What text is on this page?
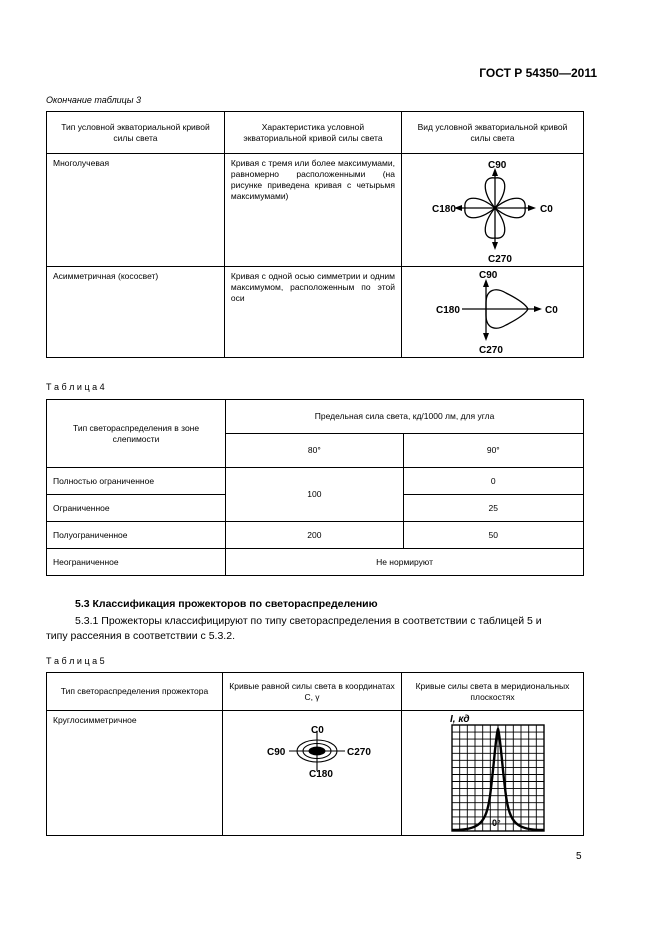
ГОСТ Р 54350—2011
Окончание таблицы 3
Тип условной экваториальной кривой силы света	Характеристика условной экваториальной кривой силы света	Вид условной экваториальной кривой силы света

Многолучевая	Кривая с тремя или более максимумами, равномерно расположенными (на рисунке приведена кривая с четырьмя максимумами)	C90
C180 C0
C270

Асимметричная (кососвет)	Кривая с одной осью симметрии и одним максимумом, расположенным по этой оси	C90
C180 C0
C270
Т а б л и ц а 4
Тип светораспределения в зоне слепимости	Предельная сила света, кд/1000 лм, для угла	

	80°	90°

Полностью ограниченное	100	0

Ограниченное		25

Полуограниченное	200	50

Неограниченное	Не нормируют	
5.3 Классификация прожекторов по светораспределению
5.3.1 Прожекторы классифицируют по типу светораспределения в соответствии с таблицей 5 и
типу рассеяния в соответствии с 5.3.2.
Т а б л и ц а 5
Тип светораспределения прожектора	Кривые равной силы света в координатах C, γ	Кривые силы света в меридиональных плоскостях

Круглосимметричное	C0
C90 C270
C180	I, кд
0°
5
